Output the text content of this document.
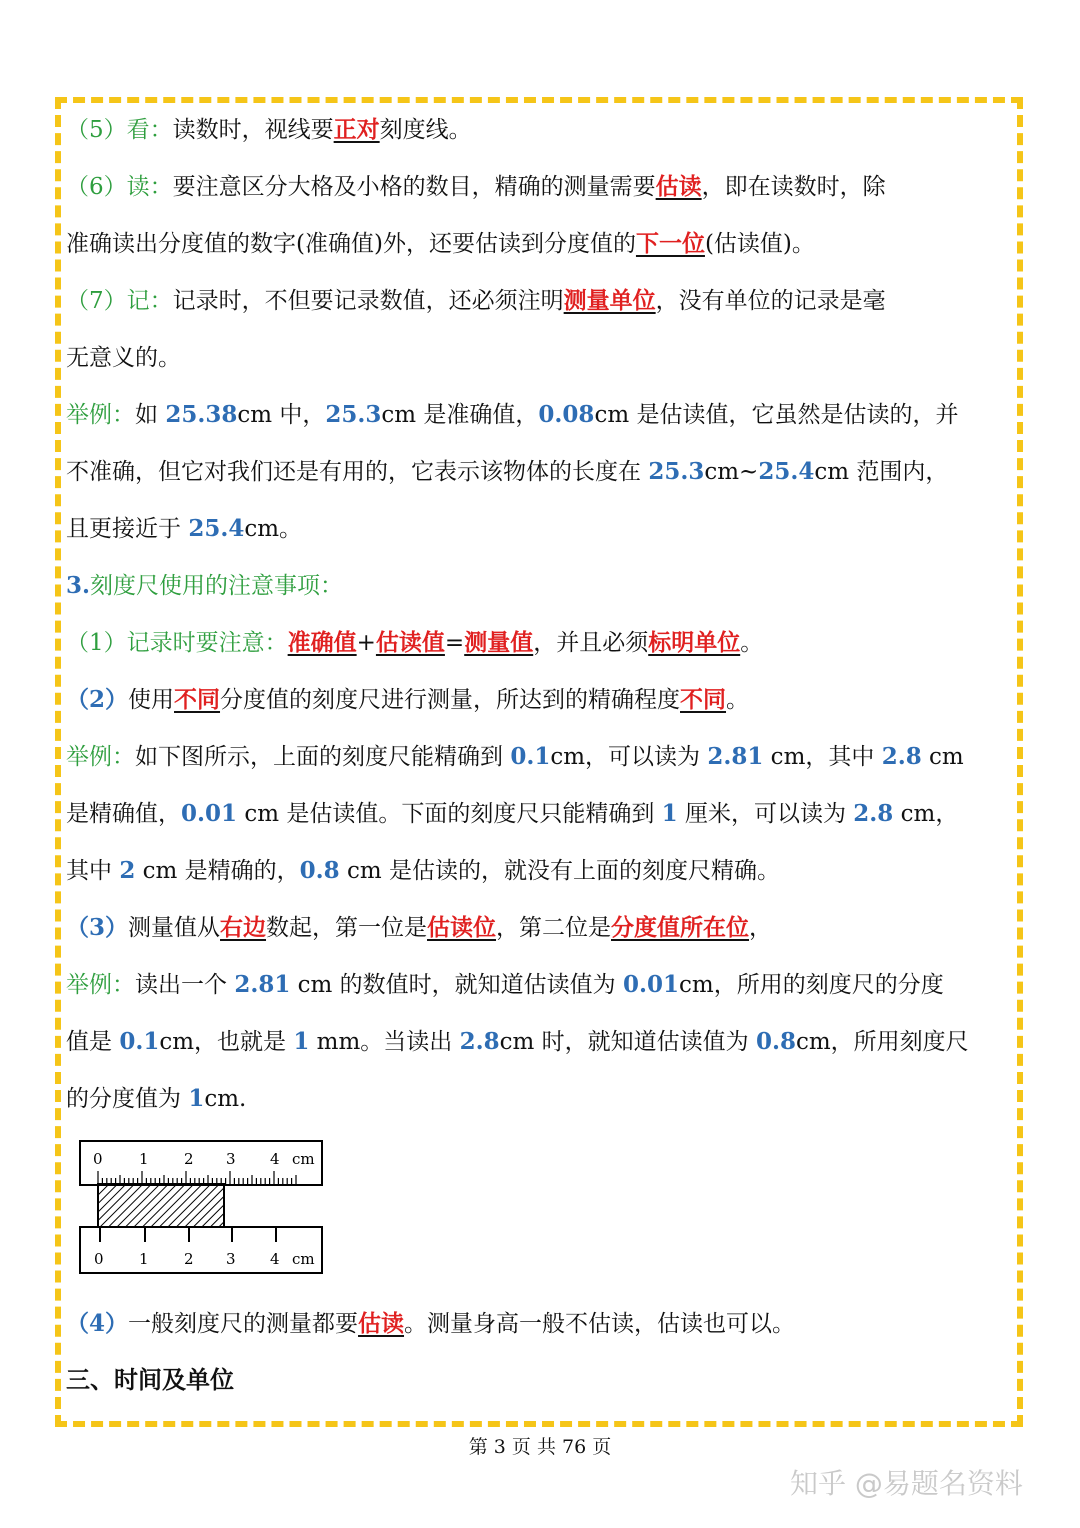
（5）看：读数时，视线要正对刻度线。
（6）读：要注意区分大格及小格的数目，精确的测量需要估读，即在读数时，除
准确读出分度值的数字(准确值)外，还要估读到分度值的下一位(估读值)。
（7）记：记录时，不但要记录数值，还必须注明测量单位，没有单位的记录是毫
无意义的。
举例：如 25.38cm 中，25.3cm 是准确值，0.08cm 是估读值，它虽然是估读的，并
不准确，但它对我们还是有用的，它表示该物体的长度在 25.3cm~25.4cm 范围内，
且更接近于 25.4cm。
3.刻度尺使用的注意事项：
（1）记录时要注意：准确值+估读值=测量值，并且必须标明单位。
（2）使用不同分度值的刻度尺进行测量，所达到的精确程度不同。
举例：如下图所示，上面的刻度尺能精确到 0.1cm，可以读为 2.81 cm，其中 2.8 cm
是精确值，0.01 cm 是估读值。下面的刻度尺只能精确到 1 厘米，可以读为 2.8 cm，
其中 2 cm 是精确的，0.8 cm 是估读的，就没有上面的刻度尺精确。
（3）测量值从右边数起，第一位是估读位，第二位是分度值所在位，
举例：读出一个 2.81 cm 的数值时，就知道估读值为 0.01cm，所用的刻度尺的分度
值是 0.1cm，也就是 1 mm。当读出 2.8cm 时，就知道估读值为 0.8cm，所用刻度尺
的分度值为 1cm.
（4）一般刻度尺的测量都要估读。测量身高一般不估读，估读也可以。
三、时间及单位
0 1 2 3 4 cm
0 1 2 3 4 cm
第 3 页 共 76 页
知乎 @易题名资料
